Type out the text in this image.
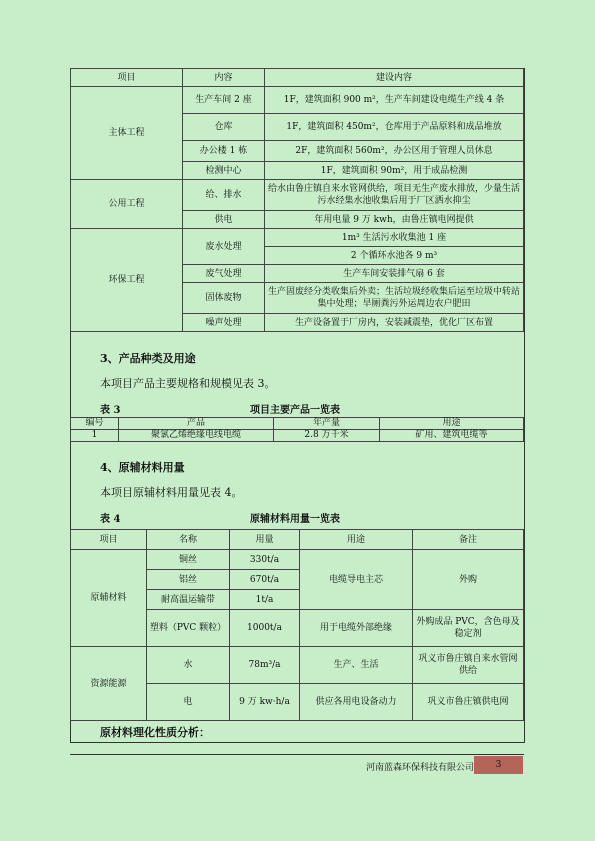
项目	内容	建设内容
主体工程	生产车间 2 座	1F，建筑面积 900 m²，生产车间建设电缆生产线 4 条
	仓库	1F，建筑面积 450m²，仓库用于产品原料和成品堆放
	办公楼 1 栋	2F，建筑面积 560m²，办公区用于管理人员休息
	检测中心	1F，建筑面积 90m²，用于成品检测
公用工程	给、排水	给水由鲁庄镇自来水管网供给，项目无生产废水排放，少量生活污水经集水池收集后用于厂区洒水抑尘
	供电	年用电量 9 万 kwh，由鲁庄镇电网提供
环保工程	废水处理	1m³ 生活污水收集池 1 座
		2 个循环水池各 9 m³
	废气处理	生产车间安装排气扇 6 套
	固体废物	生产固废经分类收集后外卖；生活垃圾经收集后运至垃圾中转站集中处理；旱厕粪污外运周边农户肥田
	噪声处理	生产设备置于厂房内，安装减震垫，优化厂区布置
3、产品种类及用途
本项目产品主要规格和规模见表 3。
表 3	项目主要产品一览表
编号	产品	年产量	用途
1	聚氯乙烯绝缘电线电缆	2.8 万千米	矿用、建筑电缆等
4、原辅材料用量
本项目原辅材料用量见表 4。
表 4	原辅材料用量一览表
项目	名称	用量	用途	备注
原辅材料	铜丝	330t/a	电缆导电主芯	外购
	铝丝	670t/a		
	耐高温运输带	1t/a		
	塑料（PVC 颗粒）	1000t/a	用于电缆外部绝缘	外购成品 PVC，含色母及稳定剂
资源能源	水	78m³/a	生产、生活	巩义市鲁庄镇自来水管网供给
	电	9 万 kw·h/a	供应各用电设备动力	巩义市鲁庄镇供电网
原材料理化性质分析：
河南蓝森环保科技有限公司	3
